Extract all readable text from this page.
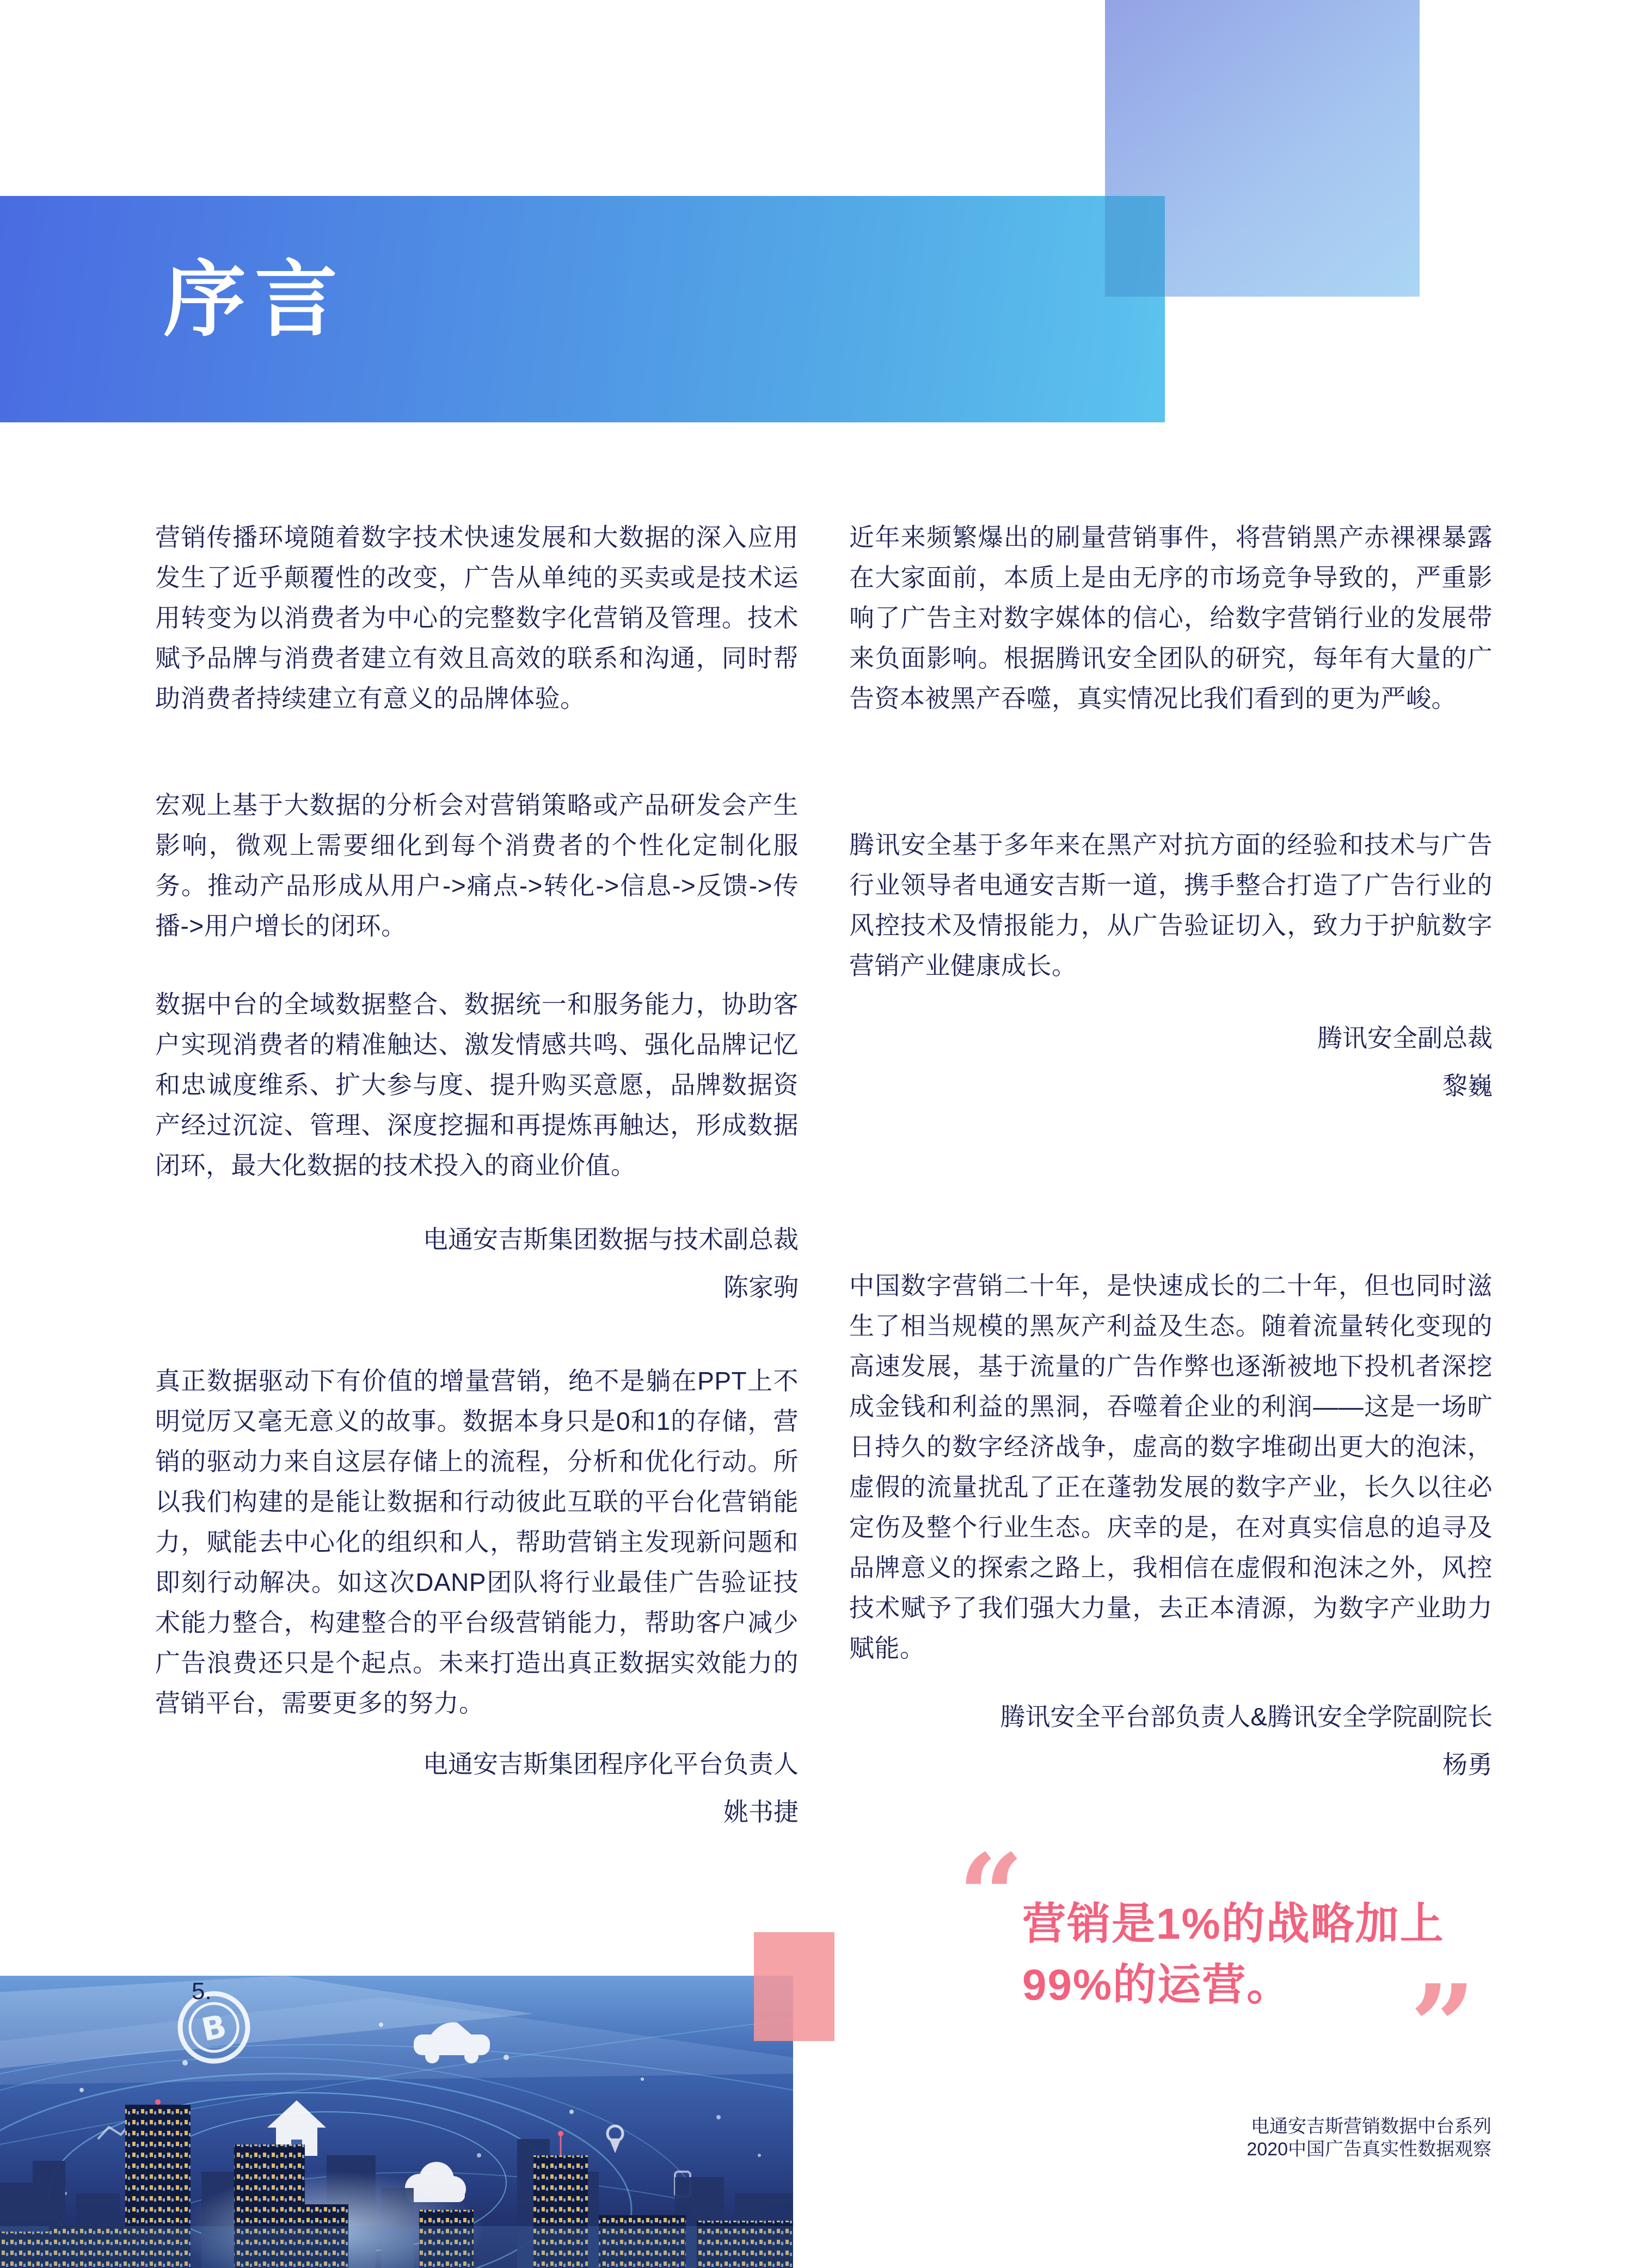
序言
营销传播环境随着数字技术快速发展和大数据的深入应用发生了近乎颠覆性的改变，广告从单纯的买卖或是技术运用转变为以消费者为中心的完整数字化营销及管理。技术赋予品牌与消费者建立有效且高效的联系和沟通，同时帮助消费者持续建立有意义的品牌体验。
宏观上基于大数据的分析会对营销策略或产品研发会产生影响，微观上需要细化到每个消费者的个性化定制化服务。推动产品形成从用户->痛点->转化->信息->反馈->传播->用户增长的闭环。
数据中台的全域数据整合、数据统一和服务能力，协助客户实现消费者的精准触达、激发情感共鸣、强化品牌记忆和忠诚度维系、扩大参与度、提升购买意愿，品牌数据资产经过沉淀、管理、深度挖掘和再提炼再触达，形成数据闭环，最大化数据的技术投入的商业价值。
电通安吉斯集团数据与技术副总裁
陈家驹
真正数据驱动下有价值的增量营销，绝不是躺在PPT上不明觉厉又毫无意义的故事。数据本身只是0和1的存储，营销的驱动力来自这层存储上的流程，分析和优化行动。所以我们构建的是能让数据和行动彼此互联的平台化营销能力，赋能去中心化的组织和人，帮助营销主发现新问题和即刻行动解决。如这次DANP团队将行业最佳广告验证技术能力整合，构建整合的平台级营销能力，帮助客户减少广告浪费还只是个起点。未来打造出真正数据实效能力的营销平台，需要更多的努力。
电通安吉斯集团程序化平台负责人
姚书捷
近年来频繁爆出的刷量营销事件，将营销黑产赤裸裸暴露在大家面前，本质上是由无序的市场竞争导致的，严重影响了广告主对数字媒体的信心，给数字营销行业的发展带来负面影响。根据腾讯安全团队的研究，每年有大量的广告资本被黑产吞噬，真实情况比我们看到的更为严峻。
腾讯安全基于多年来在黑产对抗方面的经验和技术与广告行业领导者电通安吉斯一道，携手整合打造了广告行业的风控技术及情报能力，从广告验证切入，致力于护航数字营销产业健康成长。
腾讯安全副总裁
黎巍
中国数字营销二十年，是快速成长的二十年，但也同时滋生了相当规模的黑灰产利益及生态。随着流量转化变现的高速发展，基于流量的广告作弊也逐渐被地下投机者深挖成金钱和利益的黑洞，吞噬着企业的利润——这是一场旷日持久的数字经济战争，虚高的数字堆砌出更大的泡沫，虚假的流量扰乱了正在蓬勃发展的数字产业，长久以往必定伤及整个行业生态。庆幸的是，在对真实信息的追寻及品牌意义的探索之路上，我相信在虚假和泡沫之外，风控技术赋予了我们强大力量，去正本清源，为数字产业助力赋能。
腾讯安全平台部负责人&腾讯安全学院副院长
杨勇
“
营销是1%的战略加上
99%的运营。 ”
电通安吉斯营销数据中台系列
2020中国广告真实性数据观察
B
5.
